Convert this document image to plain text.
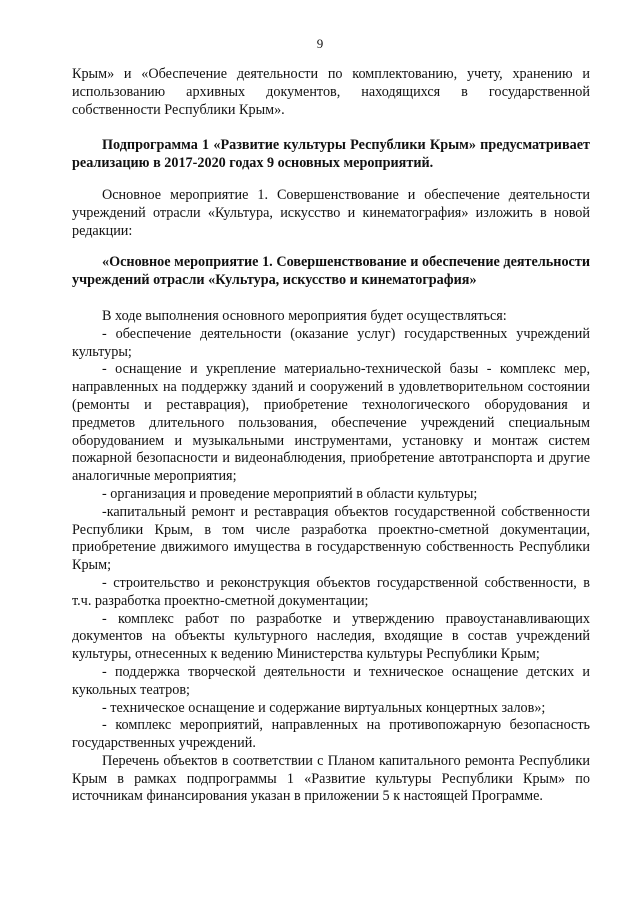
9

Крым» и «Обеспечение деятельности по комплектованию, учету, хранению и использованию архивных документов, находящихся в государственной собственности Республики Крым».

Подпрограмма 1 «Развитие культуры Республики Крым» предусматривает реализацию в 2017-2020 годах 9 основных мероприятий.

Основное мероприятие 1. Совершенствование и обеспечение деятельности учреждений отрасли «Культура, искусство и кинематография» изложить в новой редакции:

«Основное мероприятие 1. Совершенствование и обеспечение деятельности учреждений отрасли «Культура, искусство и кинематография»

В ходе выполнения основного мероприятия будет осуществляться:

- обеспечение деятельности (оказание услуг) государственных учреждений культуры;

- оснащение и укрепление материально-технической базы - комплекс мер, направленных на поддержку зданий и сооружений в удовлетворительном состоянии (ремонты и реставрация), приобретение технологического оборудования и предметов длительного пользования, обеспечение учреждений специальным оборудованием и музыкальными инструментами, установку и монтаж систем пожарной безопасности и видеонаблюдения, приобретение автотранспорта и другие аналогичные мероприятия;

- организация и проведение мероприятий в области культуры;

-капитальный ремонт и реставрация объектов государственной собственности Республики Крым, в том числе разработка проектно-сметной документации, приобретение движимого имущества в государственную собственность Республики Крым;

- строительство и реконструкция объектов государственной собственности, в т.ч. разработка проектно-сметной документации;

- комплекс работ по разработке и утверждению правоустанавливающих документов на объекты культурного наследия, входящие в состав учреждений культуры, отнесенных к ведению Министерства культуры Республики Крым;

- поддержка творческой деятельности и техническое оснащение детских и кукольных театров;

- техническое оснащение и содержание виртуальных концертных залов»;

- комплекс мероприятий, направленных на противопожарную безопасность государственных учреждений.

Перечень объектов в соответствии с Планом капитального ремонта Республики Крым в рамках подпрограммы 1 «Развитие культуры Республики Крым» по источникам финансирования указан в приложении 5 к настоящей Программе.
